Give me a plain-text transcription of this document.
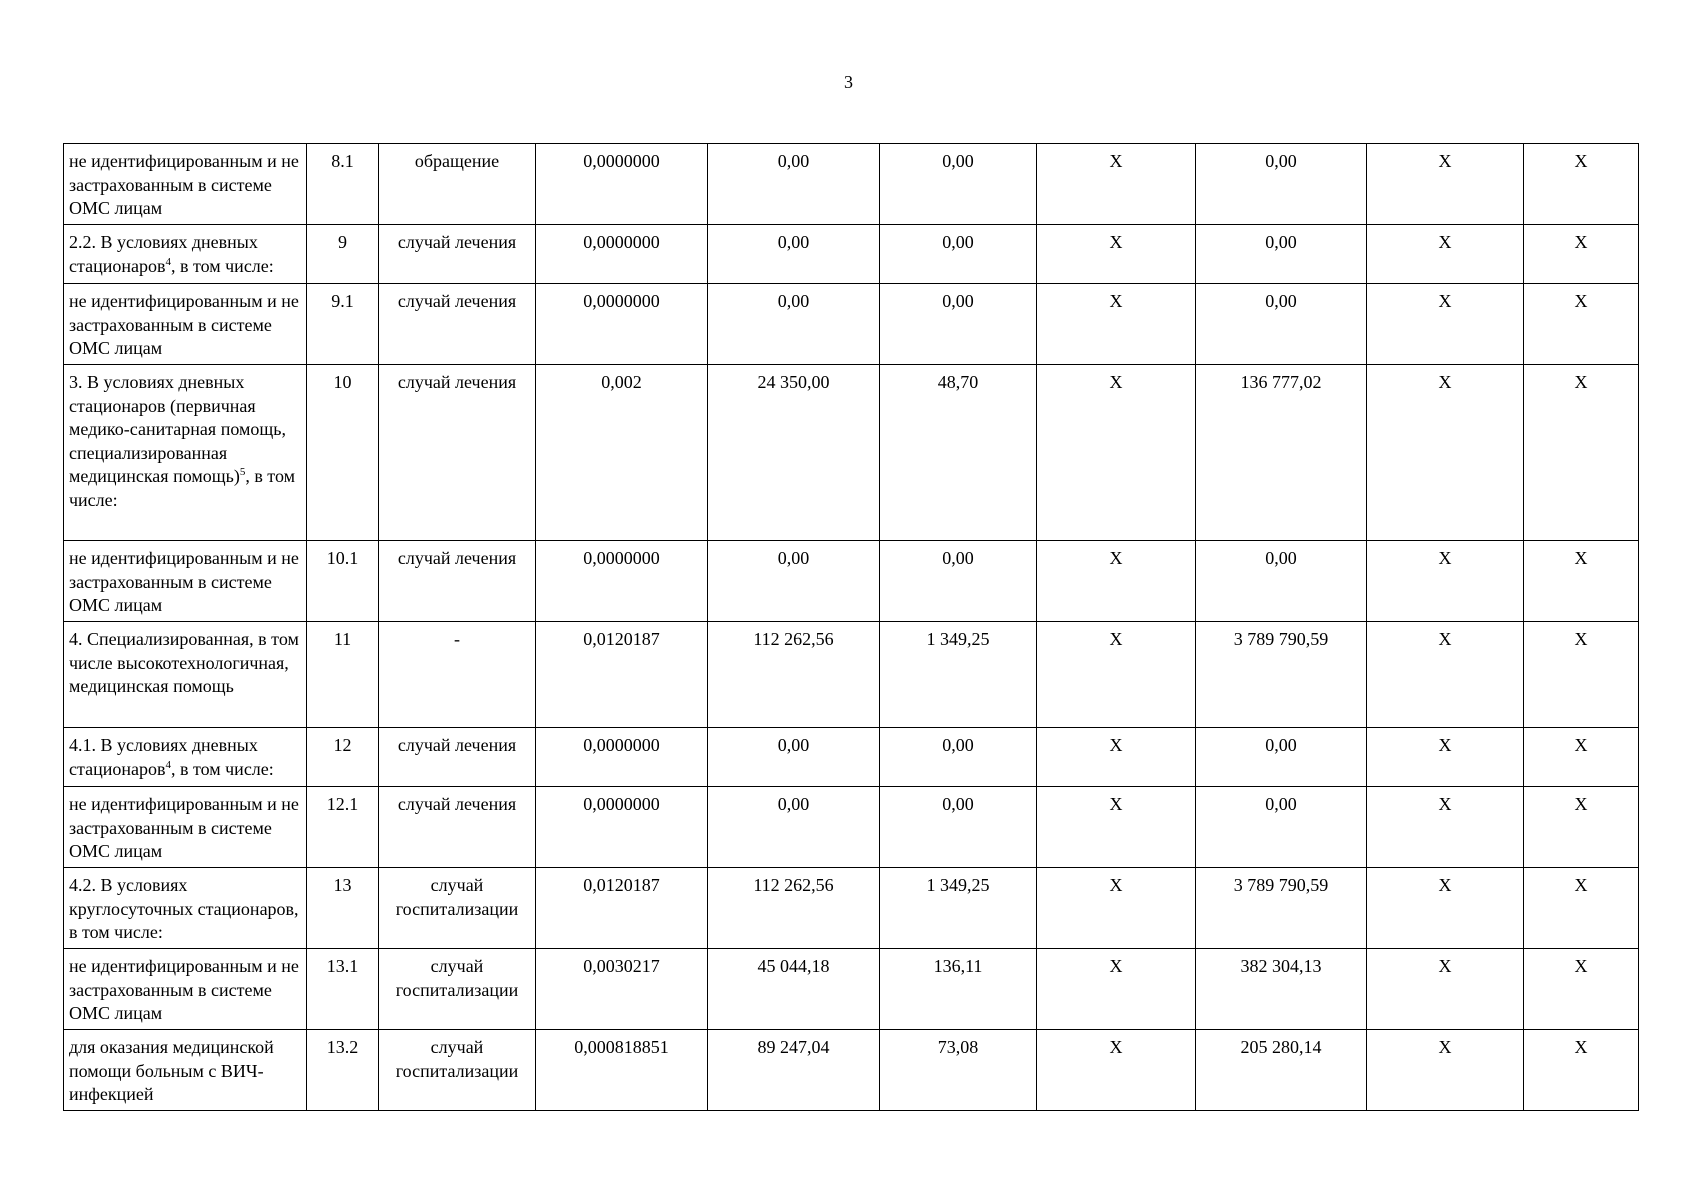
3
не идентифицированным и не застрахованным в системе ОМС лицам	8.1	обращение	0,0000000	0,00	0,00	X	0,00	X	X
2.2. В условиях дневных стационаров$^4$, в том числе:	9	случай лечения	0,0000000	0,00	0,00	X	0,00	X	X
не идентифицированным и не застрахованным в системе ОМС лицам	9.1	случай лечения	0,0000000	0,00	0,00	X	0,00	X	X
3. В условиях дневных стационаров (первичная медико-санитарная помощь, специализированная медицинская помощь)$^5$, в том числе:	10	случай лечения	0,002	24 350,00	48,70	X	136 777,02	X	X
не идентифицированным и не застрахованным в системе ОМС лицам	10.1	случай лечения	0,0000000	0,00	0,00	X	0,00	X	X
4. Специализированная, в том числе высокотехнологичная, медицинская помощь	11	-	0,0120187	112 262,56	1 349,25	X	3 789 790,59	X	X
4.1. В условиях дневных стационаров$^4$, в том числе:	12	случай лечения	0,0000000	0,00	0,00	X	0,00	X	X
не идентифицированным и не застрахованным в системе ОМС лицам	12.1	случай лечения	0,0000000	0,00	0,00	X	0,00	X	X
4.2. В условиях круглосуточных стационаров, в том числе:	13	случай госпитализации	0,0120187	112 262,56	1 349,25	X	3 789 790,59	X	X
не идентифицированным и не застрахованным в системе ОМС лицам	13.1	случай госпитализации	0,0030217	45 044,18	136,11	X	382 304,13	X	X
для оказания медицинской помощи больным с ВИЧ-инфекцией	13.2	случай госпитализации	0,000818851	89 247,04	73,08	X	205 280,14	X	X
